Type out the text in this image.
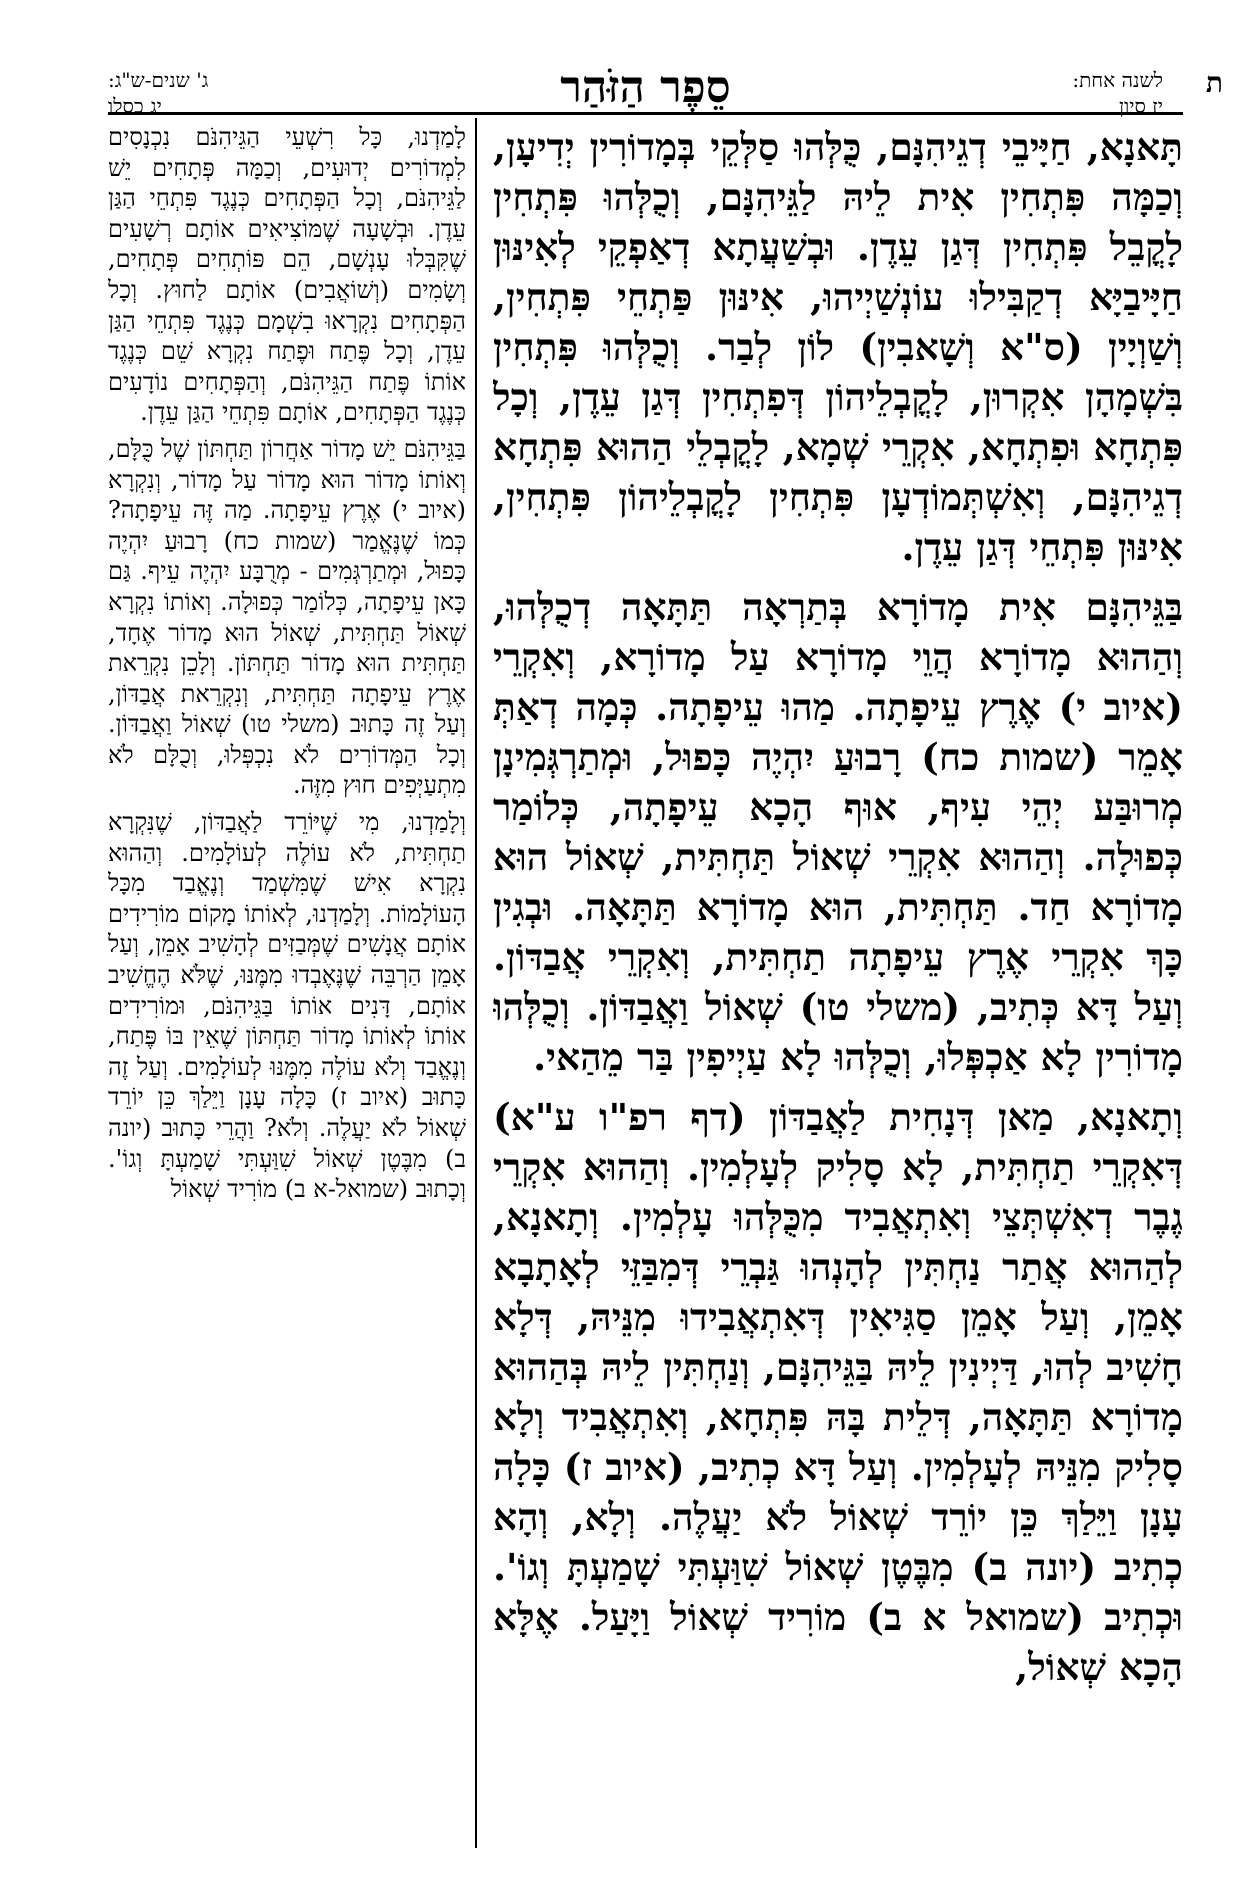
ת
לשנה אחת:
יז סיון
סֵפֶר הַזֹּהַר
ג' שנים-ש"ג:
יג כסלו

תָּאנָא, חַיָּיבֵי דְגֵיהִנָּם, כֻּלְּהוּ סַלְּקֵי בְּמָדוֹרִין יְדִיעָן, וְכַמָּה פִּתְחִין אִית לֵיהּ לַגֵּיהִנָּם, וְכֻלְּהוּ פִּתְחִין לָקֳבֵל פִּתְחִין דְּגַן עֵדֶן. וּבְשַׁעֲתָא דְאַפְקֵי לְאִינּוּן חַיָּיבַיָּא דְקַבִּילוּ עוֹנְשַׁיְיהוּ, אִינּוּן פַּתְחֵי פִּתְחִין, וְשַׁוְיָין (ס"א וְשָׁאבִין) לוֹן לְבַר. וְכֻלְּהוּ פִּתְחִין בִּשְׁמָהָן אִקְרוּן, לָקֳבְלֵיהוֹן דְּפִתְחִין דְּגַן עֵדֶן, וְכָל פִּתְחָא וּפִתְחָא, אִקְרֵי שְׁמָא, לָקֳבְלֵי הַהוּא פִּתְחָא דְגֵיהִנָּם, וְאִשְׁתְּמוֹדְעָן פִּתְחִין לָקֳבְלֵיהוֹן פִּתְחִין, אִינּוּן פִּתְחֵי דְּגַן עֵדֶן.

בַּגֵּיהִנָּם אִית מָדוֹרָא בְּתַרְאָה תַּתָּאָה דְכֻלְּהוּ, וְהַהוּא מָדוֹרָא הֲוֵי מָדוֹרָא עַל מָדוֹרָא, וְאִקְרֵי (איוב י) אֶרֶץ עֵיפָתָה. מַהוּ עֵיפָתָה. כְּמָה דְאַתְּ אָמֵר (שמות כח) רָבוּעַ יִהְיֶה כָּפוּל, וּמְתַרְגְּמִינָן מְרוּבַּע יְהֵי עִיף, אוּף הָכָא עֵיפָתָה, כְּלוֹמַר כְּפוּלָה. וְהַהוּא אִקְרֵי שְׁאוֹל תַּחְתִּית, שְׁאוֹל הוּא מָדוֹרָא חַד. תַּחְתִּית, הוּא מָדוֹרָא תַּתָּאָה. וּבְגִין כָּךְ אִקְרֵי אֶרֶץ עֵיפָתָה תַחְתִּית, וְאִקְרֵי אֲבַדּוֹן. וְעַל דָּא כְּתִיב, (משלי טו) שְׁאוֹל וַאֲבַדּוֹן. וְכֻלְּהוּ מָדוֹרִין לָא אַכְפְּלוּ, וְכֻלְּהוּ לָא עַיְיפִין בַּר מֵהַאי.

וְתָאנָא, מַאן דְּנָחִית לַאֲבַדּוֹן (דף רפ"ו ע"א) דְּאִקְרֵי תַחְתִּית, לָא סָלִיק לְעָלְמִין. וְהַהוּא אִקְרֵי גֶבֶר דְאִשְׁתְּצֵי וְאִתְאֲבִיד מִכֻּלְּהוּ עָלְמִין. וְתָאנָא, לְהַהוּא אֲתַר נַחְתִּין לְהָנְהוּ גַּבְרֵי דְּמִבַּזֵּי לְאָתָבָא אָמֵן, וְעַל אָמֵן סַגִּיאִין דְּאִתְאֲבִידוּ מִנֵּיהּ, דְּלָא חָשִׁיב לְהוּ, דַּיְינִין לֵיהּ בַּגֵּיהִנָּם, וְנַחְתִּין לֵיהּ בְּהַהוּא מָדוֹרָא תַּתָּאָה, דְּלֵית בָּהּ פִּתְחָא, וְאִתְאֲבִיד וְלָא סָלִיק מִנֵּיהּ לְעָלְמִין. וְעַל דָּא כְתִיב, (איוב ז) כָּלָה עָנָן וַיֵּלַךְ כֵּן יוֹרֵד שְׁאוֹל לֹא יַעֲלֶה. וְלָא, וְהָא כְתִיב (יונה ב) מִבֶּטֶן שְׁאוֹל שִׁוַּעְתִּי שָׁמַעְתָּ וְגוֹ'. וּכְתִיב (שמואל א ב) מוֹרִיד שְׁאוֹל וַיָּעַל. אֶלָּא הָכָא שְׁאוֹל,

לָמַדְנוּ, כָּל רִשְׁעֵי הַגֵּיהִנֹּם נִכְנָסִים לִמְדוֹרִים יְדוּעִים, וְכַמָּה פְּתָחִים יֵשׁ לַגֵּיהִנֹּם, וְכָל הַפְּתָחִים כְּנֶגֶד פִּתְחֵי הַגַּן עֵדֶן. וּבְשָׁעָה שֶׁמּוֹצִיאִים אוֹתָם רְשָׁעִים שֶׁקִּבְּלוּ עָנְשָׁם, הֵם פּוֹתְחִים פְּתָחִים, וְשָׂמִים (וְשׁוֹאֲבִים) אוֹתָם לַחוּץ. וְכָל הַפְּתָחִים נִקְרָאוּ בִשְׁמָם כְּנֶגֶד פִּתְחֵי הַגַּן עֵדֶן, וְכָל פֶּתַח וּפֶתַח נִקְרָא שֵׁם כְּנֶגֶד אוֹתוֹ פֶּתַח הַגֵּיהִנֹּם, וְהַפְּתָחִים נוֹדָעִים כְּנֶגֶד הַפְּתָחִים, אוֹתָם פִּתְחֵי הַגַּן עֵדֶן.

בַּגֵּיהִנֹּם יֵשׁ מָדוֹר אַחֲרוֹן תַּחְתּוֹן שֶׁל כֻּלָּם, וְאוֹתוֹ מָדוֹר הוּא מָדוֹר עַל מָדוֹר, וְנִקְרָא (איוב י) אֶרֶץ עֵיפָתָה. מַה זֶּה עֵיפָתָה? כְּמוֹ שֶׁנֶּאֱמַר (שמות כח) רָבוּעַ יִהְיֶה כָּפוּל, וּמְתַרְגְּמִים - מְרֻבָּע יִהְיֶה עֵיף. גַּם כָּאן עֵיפָתָה, כְּלוֹמַר כְּפוּלָה. וְאוֹתוֹ נִקְרָא שְׁאוֹל תַּחְתִּית, שְׁאוֹל הוּא מָדוֹר אֶחָד, תַּחְתִּית הוּא מָדוֹר תַּחְתּוֹן. וְלָכֵן נִקְרֵאת אֶרֶץ עֵיפָתָה תַּחְתִּית, וְנִקְרֵאת אֲבַדּוֹן, וְעַל זֶה כָּתוּב (משלי טו) שְׁאוֹל וַאֲבַדּוֹן. וְכָל הַמְּדוֹרִים לֹא נִכְפְּלוּ, וְכֻלָּם לֹא מִתְעַיְּפִים חוּץ מִזֶּה.

וְלָמַדְנוּ, מִי שֶׁיּוֹרֵד לַאֲבַדּוֹן, שֶׁנִּקְרָא תַחְתִּית, לֹא עוֹלֶה לְעוֹלָמִים. וְהַהוּא נִקְרָא אִישׁ שֶׁמִּשְׁמַד וְנֶאֱבַד מִכָּל הָעוֹלָמוֹת. וְלָמַדְנוּ, לְאוֹתוֹ מָקוֹם מוֹרִידִים אוֹתָם אֲנָשִׁים שֶׁמְּבַזִּים לְהָשִׁיב אָמֵן, וְעַל אָמֵן הַרְבֵּה שֶׁנֶּאֶבְדוּ מִמֶּנּוּ, שֶׁלֹּא הֶחֱשִׁיב אוֹתָם, דָּנִים אוֹתוֹ בַּגֵּיהִנֹּם, וּמוֹרִידִים אוֹתוֹ לְאוֹתוֹ מָדוֹר תַּחְתּוֹן שֶׁאֵין בּוֹ פֶּתַח, וְנֶאֱבַד וְלֹא עוֹלֶה מִמֶּנּוּ לְעוֹלָמִים. וְעַל זֶה כָּתוּב (איוב ז) כָּלָה עָנָן וַיֵּלַךְ כֵּן יוֹרֵד שְׁאוֹל לֹא יַעֲלֶה. וְלֹא? וַהֲרֵי כָּתוּב (יונה ב) מִבֶּטֶן שְׁאוֹל שִׁוַּעְתִּי שָׁמַעְתָּ וְגוֹ'. וְכָתוּב (שמואל-א ב) מוֹרִיד שְׁאוֹל
